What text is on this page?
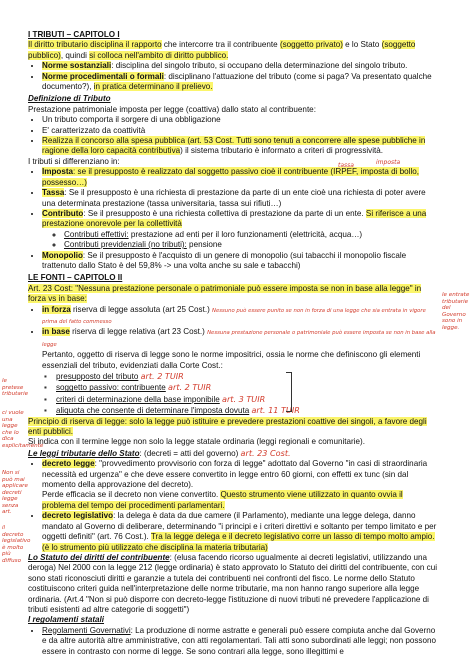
I TRIBUTI – CAPITOLO I

Il diritto tributario disciplina il rapporto che intercorre tra il contribuente (soggetto privato) e lo Stato (soggetto pubblico), quindi si colloca nell'ambito di diritto pubblico.

• Norme sostanziali: disciplina del singolo tributo, si occupano della determinazione del singolo tributo.
• Norme procedimentali o formali: disciplinano l'attuazione del tributo (come si paga? Va presentato qualche documento?), in pratica determinano il prelievo.

Definizione di Tributo

Prestazione patrimoniale imposta per legge (coattiva) dallo stato al contribuente:

• Un tributo comporta il sorgere di una obbligazione
• E' caratterizzato da coattività
• Realizza il concorso alla spesa pubblica (art. 53 Cost. Tutti sono tenuti a concorrere alle spese pubbliche in ragione della loro capacità contributiva) il sistema tributario è informato a criteri di progressività.

I tributi si differenziano in:

• Imposta: se il presupposto è realizzato dal soggetto passivo cioè il contribuente (IRPEF, imposta di bollo, possesso…)
• Tassa: Se il presupposto è una richiesta di prestazione da parte di un ente cioè una richiesta di poter avere una determinata prestazione (tassa universitaria, tassa sui rifiuti…)
• Contributo: Se il presupposto è una richiesta collettiva di prestazione da parte di un ente. Si riferisce a una prestazione onorevole per la collettività
◦ Contributi effettivi: prestazione ad enti per il loro funzionamenti (elettricità, acqua…)
◦ Contributi previdenziali (no tributi): pensione
• Monopolio: Se il presupposto è l'acquisto di un genere di monopolio (sui tabacchi il monopolio fiscale trattenuto dallo Stato è del 59,8% -> una volta anche su sale e tabacchi)

LE FONTI – CAPITOLO II

Art. 23 Cost: "Nessuna prestazione personale o patrimoniale può essere imposta se non in base alla legge" in forza vs in base:

• in forza riserva di legge assoluta (art 25 Cost.) Nessuno può essere punito se non in forza di una legge che sia entrata in vigore prima del fatto commesso
• in base riserva di legge relativa (art 23 Cost.) Nessuna prestazione personale o patrimoniale può essere imposta se non in base alla legge

Pertanto, oggetto di riserva di legge sono le norme impositrici, ossia le norme che definiscono gli elementi essenziali del tributo, evidenziati dalla Corte Cost.:

▪ presupposto del tributo art. 2 TUIR
▪ soggetto passivo: contribuente art. 2 TUIR
▪ criteri di determinazione della base imponibile art. 3 TUIR
▪ aliquota che consente di determinare l'imposta dovuta art. 11 TUIR

Principio di riserva di legge: solo la legge può istituire e prevedere prestazioni coattive dei singoli, a favore degli enti pubblici.

Si indica con il termine legge non solo la legge statale ordinaria (leggi regionali e comunitarie).

Le leggi tributarie dello Stato: (decreti = atti del governo) art. 23 Cost.

• decreto legge: "provvedimento provvisorio con forza di legge" adottato dal Governo "in casi di straordinaria necessità ed urgenza" e che deve essere convertito in legge entro 60 giorni, con effetti ex tunc (sin dal momento della approvazione del decreto).
Perde efficacia se il decreto non viene convertito. Questo strumento viene utilizzato in quanto ovvia il problema del tempo dei procedimenti parlamentari.
• decreto legislativo: la delega è data da due camere (il Parlamento), mediante una legge delega, danno mandato al Governo di deliberare, determinando "i principi e i criteri direttivi e soltanto per tempo limitato e per oggetti definiti" (art. 76 Cost.). Tra la legge delega e il decreto legislativo corre un lasso di tempo molto ampio. (è lo strumento più utilizzato che disciplina la materia tributaria)

Lo Statuto dei diritti del contribuente: (elusa facendo ricorso ugualmente ai decreti legislativi, utilizzando una deroga) Nel 2000 con la legge 212 (legge ordinaria) è stato approvato lo Statuto dei diritti del contribuente, con cui sono stati riconosciuti diritti e garanzie a tutela dei contribuenti nei confronti del fisco. Le norme dello Statuto costituiscono criteri guida nell'interpretazione delle norme tributarie, ma non hanno rango superiore alla legge ordinaria. (Art.4 "Non si può disporre con decreto-legge l'istituzione di nuovi tributi né prevedere l'applicazione di tributi esistenti ad altre categorie di soggetti")

I regolamenti statali

• Regolamenti Governativi: La produzione di norme astratte e generali può essere compiuta anche dal Governo e da altre autorità altre amministrative, con atti regolamentari. Tali atti sono subordinati alle leggi; non possono essere in contrasto con norme di legge. Se sono contrari alla legge, sono illegittimi e
tassa	imposta
le entrate tributarie del Governo sono in legge.
le pretese tributarie
ci vuole una legge che lo dica esplicitamente
Non si può mai applicare decreti legge senza art.
il decreto legislativo è molto più diffuso
